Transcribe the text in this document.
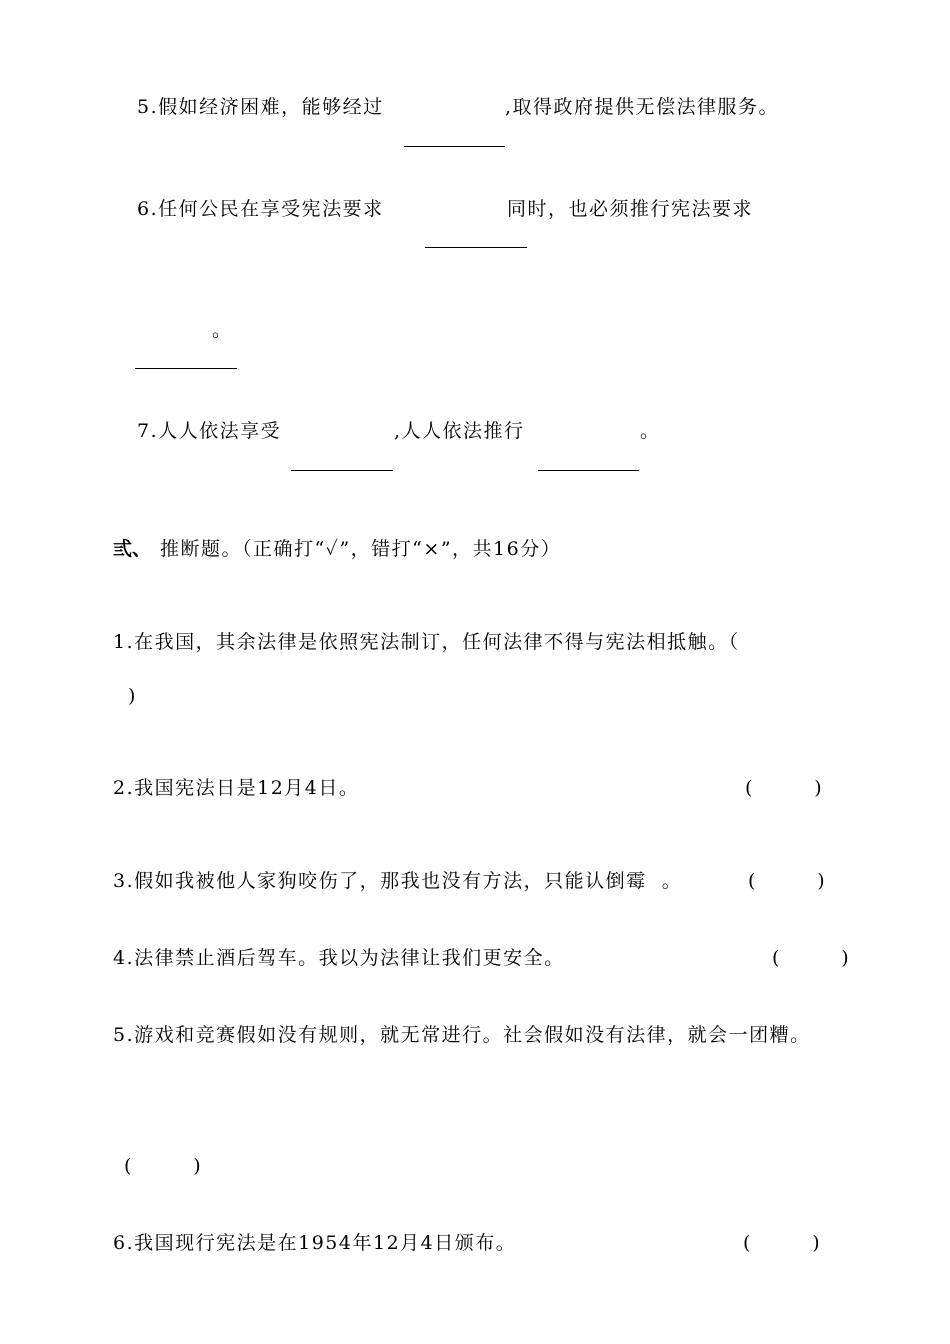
5.假如经济困难，能够经过	,取得政府提供无偿法律服务。
6.任何公民在享受宪法要求	同时，也必须推行宪法要求
。
7.人人依法享受	,人人依法推行	。
弎、 推断题。（正确打“✓”，错打“×”，共16分）
1.在我国，其余法律是依照宪法制订，任何法律不得与宪法相抵触。（
)
2.我国宪法日是12月4日。	(        )
3.假如我被他人家狗咬伤了，那我也没有方法，只能认倒霉  。	(        )
4.法律禁止酒后驾车。我以为法律让我们更安全。	(        )
5.游戏和竞赛假如没有规则，就无常进行。社会假如没有法律，就会一团糟。
(        )
6.我国现行宪法是在1954年12月4日颁布。	(        )
